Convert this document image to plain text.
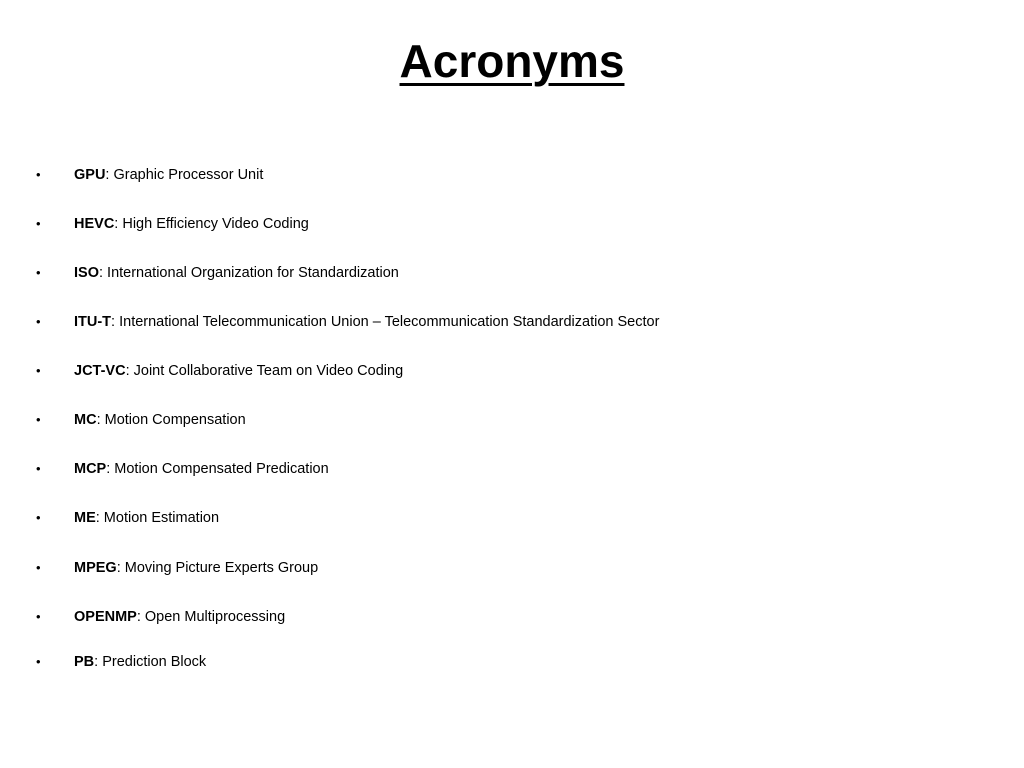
Acronyms
•	GPU: Graphic Processor Unit
•	HEVC: High Efficiency Video Coding
•	ISO: International Organization for Standardization
•	ITU-T: International Telecommunication Union – Telecommunication Standardization Sector
•	JCT-VC: Joint Collaborative Team on Video Coding
•	MC: Motion Compensation
•	MCP: Motion Compensated Predication
•	ME: Motion Estimation
•	MPEG: Moving Picture Experts Group
•	OPENMP: Open Multiprocessing
•	PB: Prediction Block
